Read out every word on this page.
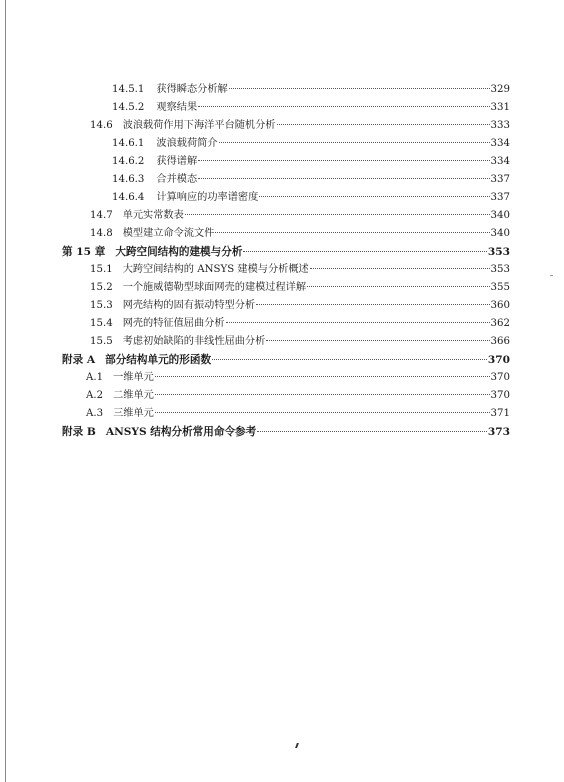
14.5.1 获得瞬态分析解	329
14.5.2 观察结果	331
14.6 波浪载荷作用下海洋平台随机分析	333
14.6.1 波浪载荷简介	334
14.6.2 获得谱解	334
14.6.3 合并模态	337
14.6.4 计算响应的功率谱密度	337
14.7 单元实常数表	340
14.8 模型建立命令流文件	340
第 15 章 大跨空间结构的建模与分析	353
15.1 大跨空间结构的 ANSYS 建模与分析概述	353
15.2 一个施威德勒型球面网壳的建模过程详解	355
15.3 网壳结构的固有振动特型分析	360
15.4 网壳的特征值屈曲分析	362
15.5 考虑初始缺陷的非线性屈曲分析	366
附录 A 部分结构单元的形函数	370
A.1 一维单元	370
A.2 二维单元	370
A.3 三维单元	371
附录 B ANSYS 结构分析常用命令参考	373
